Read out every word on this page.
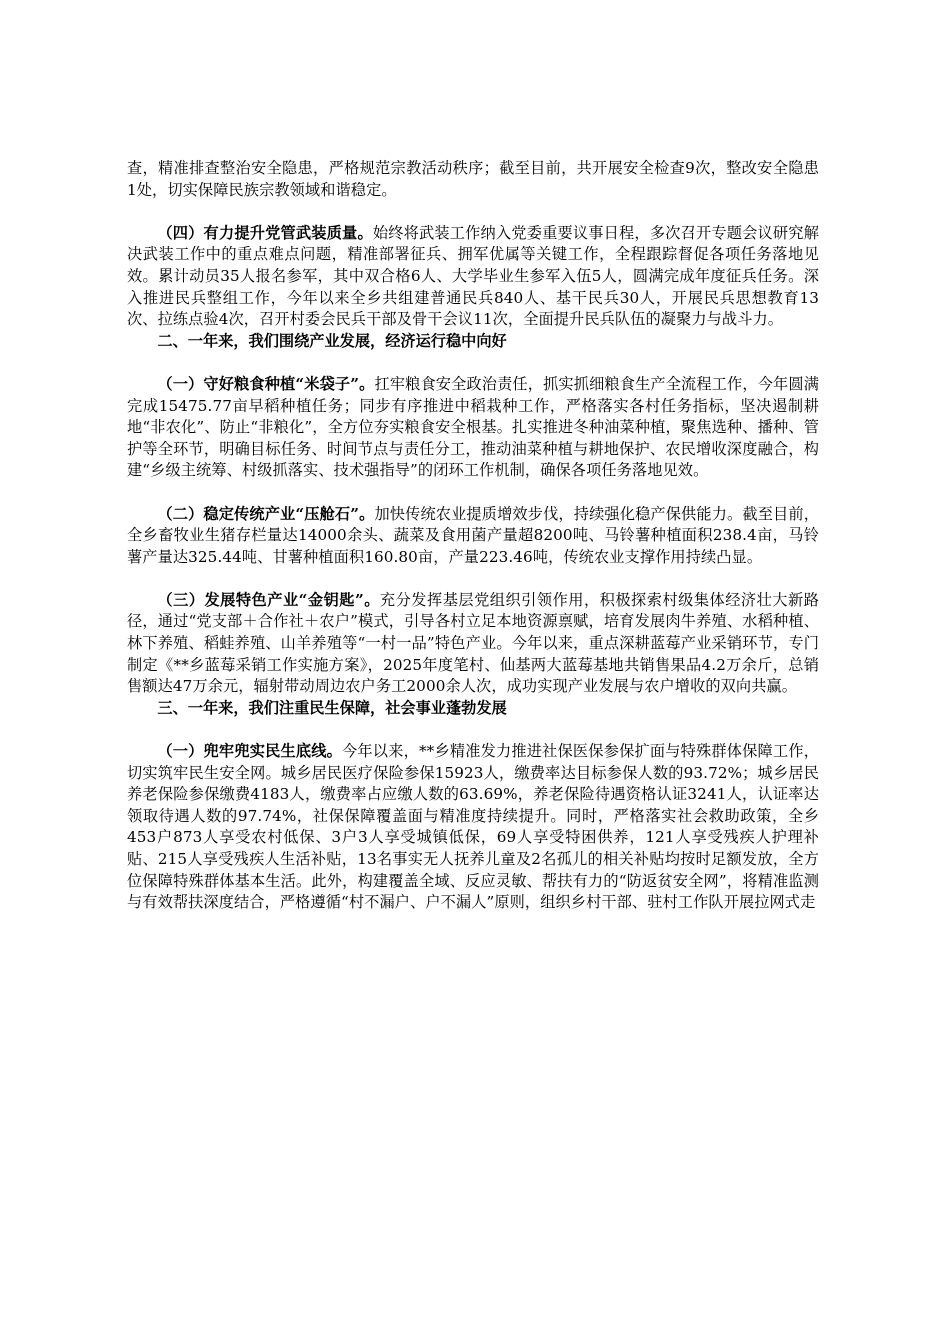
查，精准排查整治安全隐患，严格规范宗教活动秩序；截至目前，共开展安全检查9次，整改安全隐患1处，切实保障民族宗教领域和谐稳定。

（四）有力提升党管武装质量。始终将武装工作纳入党委重要议事日程，多次召开专题会议研究解决武装工作中的重点难点问题，精准部署征兵、拥军优属等关键工作，全程跟踪督促各项任务落地见效。累计动员35人报名参军，其中双合格6人、大学毕业生参军入伍5人，圆满完成年度征兵任务。深入推进民兵整组工作，今年以来全乡共组建普通民兵840人、基干民兵30人，开展民兵思想教育13次、拉练点验4次，召开村委会民兵干部及骨干会议11次，全面提升民兵队伍的凝聚力与战斗力。

二、一年来，我们围绕产业发展，经济运行稳中向好

（一）守好粮食种植“米袋子”。扛牢粮食安全政治责任，抓实抓细粮食生产全流程工作，今年圆满完成15475.77亩早稻种植任务；同步有序推进中稻栽种工作，严格落实各村任务指标，坚决遏制耕地“非农化”、防止“非粮化”，全方位夯实粮食安全根基。扎实推进冬种油菜种植，聚焦选种、播种、管护等全环节，明确目标任务、时间节点与责任分工，推动油菜种植与耕地保护、农民增收深度融合，构建“乡级主统筹、村级抓落实、技术强指导”的闭环工作机制，确保各项任务落地见效。

（二）稳定传统产业“压舱石”。加快传统农业提质增效步伐，持续强化稳产保供能力。截至目前，全乡畜牧业生猪存栏量达14000余头、蔬菜及食用菌产量超8200吨、马铃薯种植面积238.4亩，马铃薯产量达325.44吨、甘薯种植面积160.80亩，产量223.46吨，传统农业支撑作用持续凸显。

（三）发展特色产业“金钥匙”。充分发挥基层党组织引领作用，积极探索村级集体经济壮大新路径，通过“党支部＋合作社＋农户”模式，引导各村立足本地资源禀赋，培育发展肉牛养殖、水稻种植、林下养殖、稻蛙养殖、山羊养殖等“一村一品”特色产业。今年以来，重点深耕蓝莓产业采销环节，专门制定《**乡蓝莓采销工作实施方案》，2025年度笔村、仙基两大蓝莓基地共销售果品4.2万余斤，总销售额达47万余元，辐射带动周边农户务工2000余人次，成功实现产业发展与农户增收的双向共赢。

三、一年来，我们注重民生保障，社会事业蓬勃发展

（一）兜牢兜实民生底线。今年以来，**乡精准发力推进社保医保参保扩面与特殊群体保障工作，切实筑牢民生安全网。城乡居民医疗保险参保15923人，缴费率达目标参保人数的93.72%；城乡居民养老保险参保缴费4183人，缴费率占应缴人数的63.69%，养老保险待遇资格认证3241人，认证率达领取待遇人数的97.74%，社保保障覆盖面与精准度持续提升。同时，严格落实社会救助政策，全乡453户873人享受农村低保、3户3人享受城镇低保，69人享受特困供养，121人享受残疾人护理补贴、215人享受残疾人生活补贴，13名事实无人抚养儿童及2名孤儿的相关补贴均按时足额发放，全方位保障特殊群体基本生活。此外，构建覆盖全域、反应灵敏、帮扶有力的“防返贫安全网”，将精准监测与有效帮扶深度结合，严格遵循“村不漏户、户不漏人”原则，组织乡村干部、驻村工作队开展拉网式走
